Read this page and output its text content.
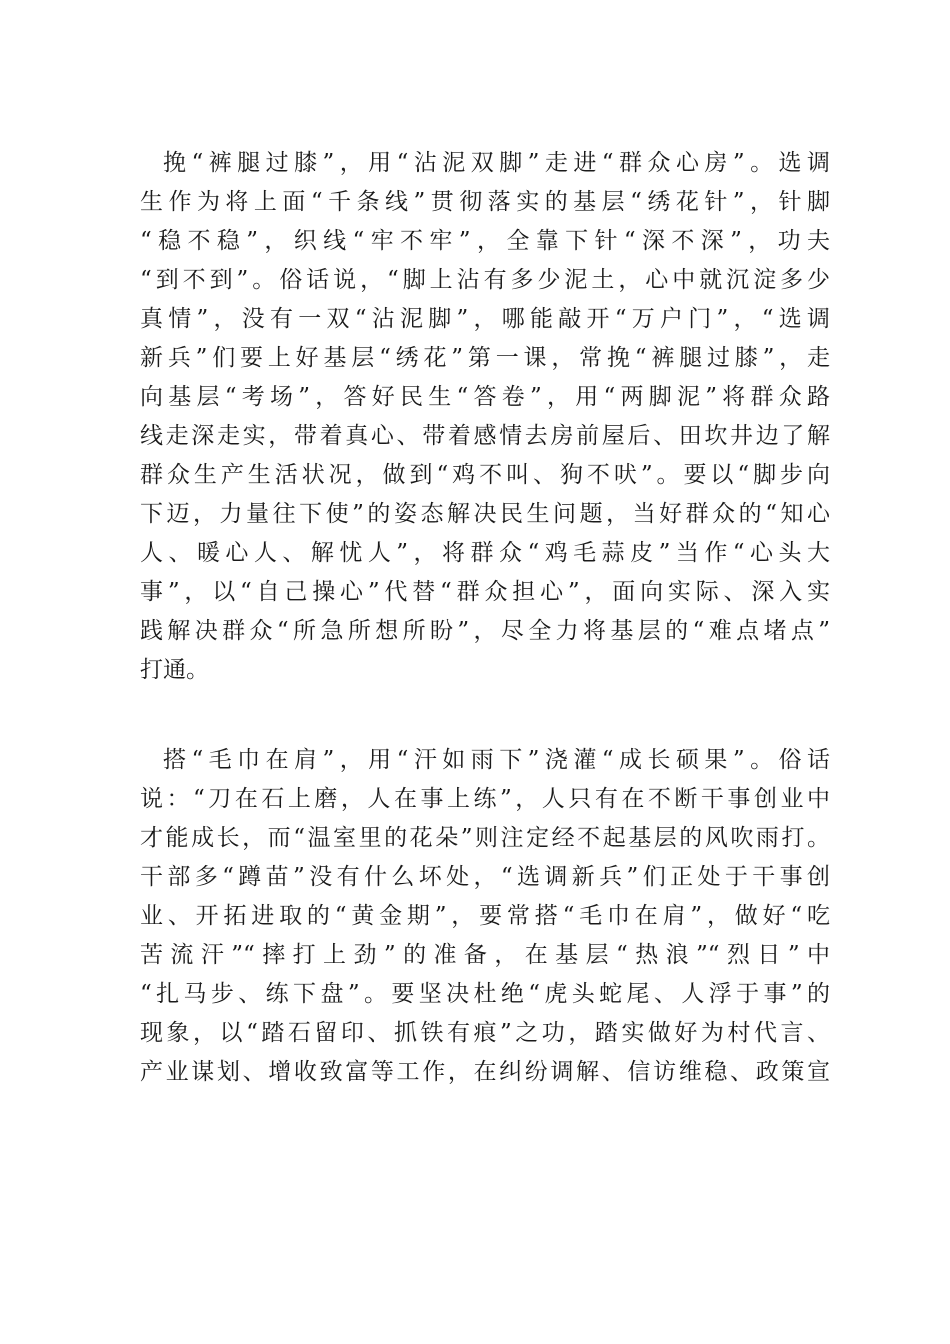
挽“裤腿过膝”，用“沾泥双脚”走进“群众心房”。选调
生作为将上面“千条线”贯彻落实的基层“绣花针”，针脚
“稳不稳”，织线“牢不牢”，全靠下针“深不深”，功夫
“到不到”。俗话说，“脚上沾有多少泥土，心中就沉淀多少
真情”，没有一双“沾泥脚”，哪能敲开“万户门”，“选调
新兵”们要上好基层“绣花”第一课，常挽“裤腿过膝”，走
向基层“考场”，答好民生“答卷”，用“两脚泥”将群众路
线走深走实，带着真心、带着感情去房前屋后、田坎井边了解
群众生产生活状况，做到“鸡不叫、狗不吠”。要以“脚步向
下迈，力量往下使”的姿态解决民生问题，当好群众的“知心
人、暖心人、解忧人”，将群众“鸡毛蒜皮”当作“心头大
事”，以“自己操心”代替“群众担心”，面向实际、深入实
践解决群众“所急所想所盼”，尽全力将基层的“难点堵点”
打通。
搭“毛巾在肩”，用“汗如雨下”浇灌“成长硕果”。俗话
说：“刀在石上磨，人在事上练”，人只有在不断干事创业中
才能成长，而“温室里的花朵”则注定经不起基层的风吹雨打。
干部多“蹲苗”没有什么坏处，“选调新兵”们正处于干事创
业、开拓进取的“黄金期”，要常搭“毛巾在肩”，做好“吃
苦流汗”“摔打上劲”的准备，在基层“热浪”“烈日”中
“扎马步、练下盘”。要坚决杜绝“虎头蛇尾、人浮于事”的
现象，以“踏石留印、抓铁有痕”之功，踏实做好为村代言、
产业谋划、增收致富等工作，在纠纷调解、信访维稳、政策宣
